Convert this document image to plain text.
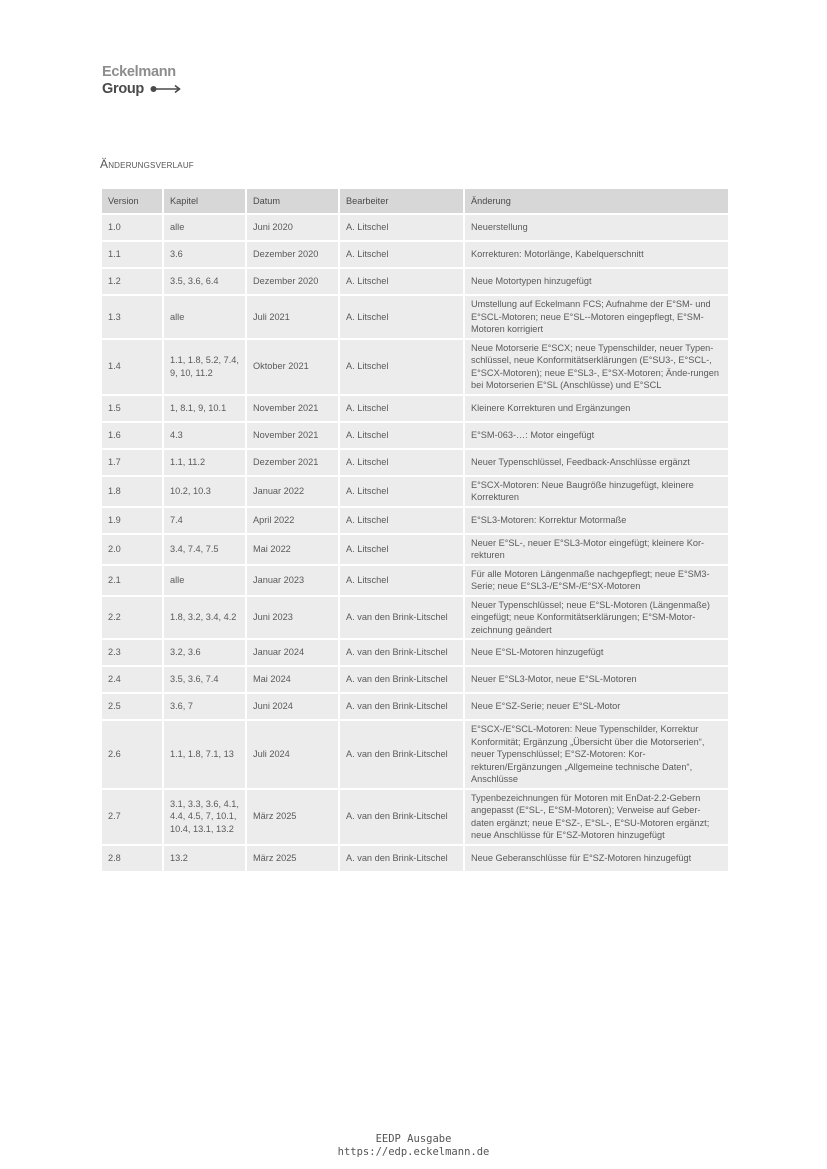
Eckelmann
Group
Änderungsverlauf
Version	Kapitel	Datum	Bearbeiter	Änderung
1.0	alle	Juni 2020	A. Litschel	Neuerstellung
1.1	3.6	Dezember 2020	A. Litschel	Korrekturen: Motorlänge, Kabelquerschnitt
1.2	3.5, 3.6, 6.4	Dezember 2020	A. Litschel	Neue Motortypen hinzugefügt
1.3	alle	Juli 2021	A. Litschel	Umstellung auf Eckelmann FCS; Aufnahme der E°SM- und E°SCL-Motoren; neue E°SL--Motoren eingepflegt, E°SM-Motoren korrigiert
1.4	1.1, 1.8, 5.2, 7.4, 9, 10, 11.2	Oktober 2021	A. Litschel	Neue Motorserie E°SCX; neue Typenschilder, neuer Typen-schlüssel, neue Konformitätserklärungen (E°SU3-, E°SCL-, E°SCX-Motoren); neue E°SL3-, E°SX-Motoren; Ände-rungen bei Motorserien E°SL (Anschlüsse) und E°SCL
1.5	1, 8.1, 9, 10.1	November 2021	A. Litschel	Kleinere Korrekturen und Ergänzungen
1.6	4.3	November 2021	A. Litschel	E°SM-063-…: Motor eingefügt
1.7	1.1, 11.2	Dezember 2021	A. Litschel	Neuer Typenschlüssel, Feedback-Anschlüsse ergänzt
1.8	10.2, 10.3	Januar 2022	A. Litschel	E°SCX-Motoren: Neue Baugröße hinzugefügt, kleinere Korrekturen
1.9	7.4	April 2022	A. Litschel	E°SL3-Motoren: Korrektur Motormaße
2.0	3.4, 7.4, 7.5	Mai 2022	A. Litschel	Neuer E°SL-, neuer E°SL3-Motor eingefügt; kleinere Kor-rekturen
2.1	alle	Januar 2023	A. Litschel	Für alle Motoren Längenmaße nachgepflegt; neue E°SM3-Serie; neue E°SL3-/E°SM-/E°SX-Motoren
2.2	1.8, 3.2, 3.4, 4.2	Juni 2023	A. van den Brink-Litschel	Neuer Typenschlüssel; neue E°SL-Motoren (Längenmaße) eingefügt; neue Konformitätserklärungen; E°SM-Motor-zeichnung geändert
2.3	3.2, 3.6	Januar 2024	A. van den Brink-Litschel	Neue E°SL-Motoren hinzugefügt
2.4	3.5, 3.6, 7.4	Mai 2024	A. van den Brink-Litschel	Neuer E°SL3-Motor, neue E°SL-Motoren
2.5	3.6, 7	Juni 2024	A. van den Brink-Litschel	Neue E°SZ-Serie; neuer E°SL-Motor
2.6	1.1, 1.8, 7.1, 13	Juli 2024	A. van den Brink-Litschel	E°SCX-/E°SCL-Motoren: Neue Typenschilder, Korrektur Konformität; Ergänzung „Übersicht über die Motorserien“, neuer Typenschlüssel; E°SZ-Motoren: Kor-rekturen/Ergänzungen „Allgemeine technische Daten“, Anschlüsse
2.7	3.1, 3.3, 3.6, 4.1, 4.4, 4.5, 7, 10.1, 10.4, 13.1, 13.2	März 2025	A. van den Brink-Litschel	Typenbezeichnungen für Motoren mit EnDat-2.2-Gebern angepasst (E°SL-, E°SM-Motoren); Verweise auf Geber-daten ergänzt; neue E°SZ-, E°SL-, E°SU-Motoren ergänzt; neue Anschlüsse für E°SZ-Motoren hinzugefügt
2.8	13.2	März 2025	A. van den Brink-Litschel	Neue Geberanschlüsse für E°SZ-Motoren hinzugefügt
EEDP Ausgabe
https://edp.eckelmann.de
